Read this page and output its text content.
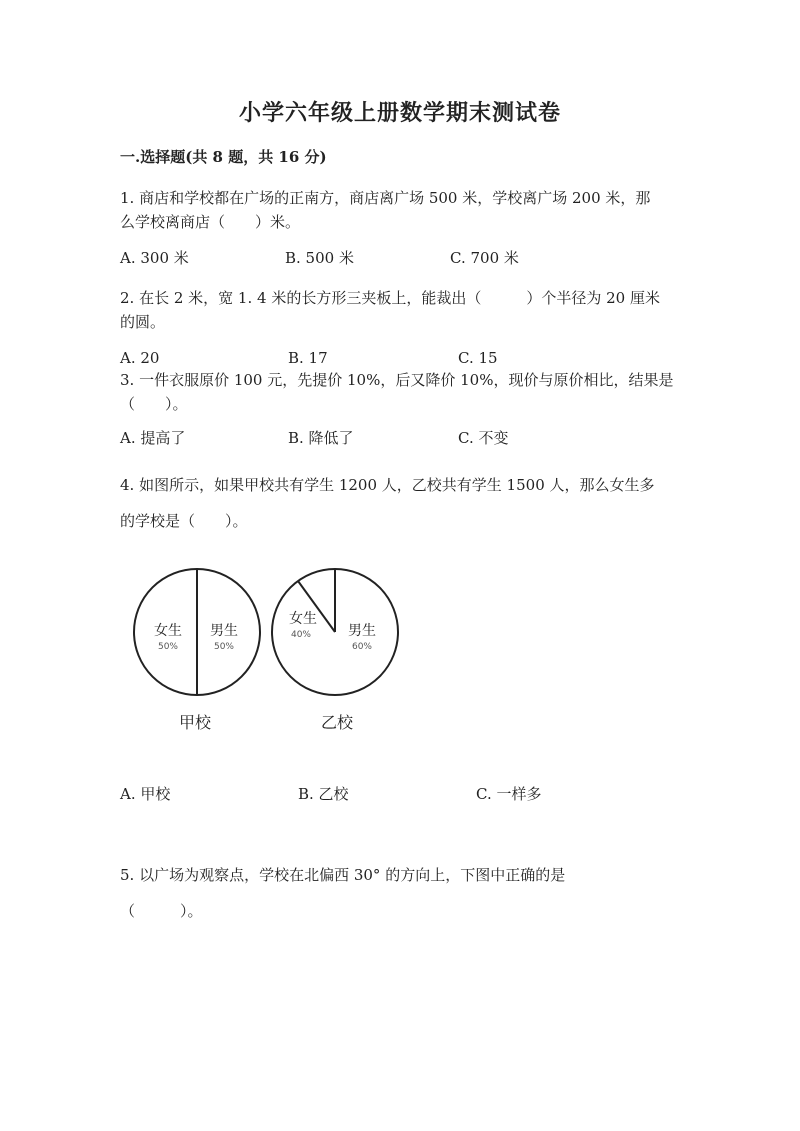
小学六年级上册数学期末测试卷
一.选择题(共 8 题，共 16 分)
1. 商店和学校都在广场的正南方，商店离广场 500 米，学校离广场 200 米，那
么学校离商店（　　）米。
A. 300 米	B. 500 米	C. 700 米
2. 在长 2 米，宽 1. 4 米的长方形三夹板上，能裁出（　　　）个半径为 20 厘米
的圆。
A. 20	B. 17	C. 15
3. 一件衣服原价 100 元，先提价 10%，后又降价 10%，现价与原价相比，结果是
（　　）。
A. 提高了	B. 降低了	C. 不变
4. 如图所示，如果甲校共有学生 1200 人，乙校共有学生 1500 人，那么女生多
的学校是（　　）。
女生
50%
男生
50%
甲校
女生
40%	男生
60%
乙校
A. 甲校	B. 乙校	C. 一样多
5. 以广场为观察点，学校在北偏西 30° 的方向上，下图中正确的是
（　　　）。
